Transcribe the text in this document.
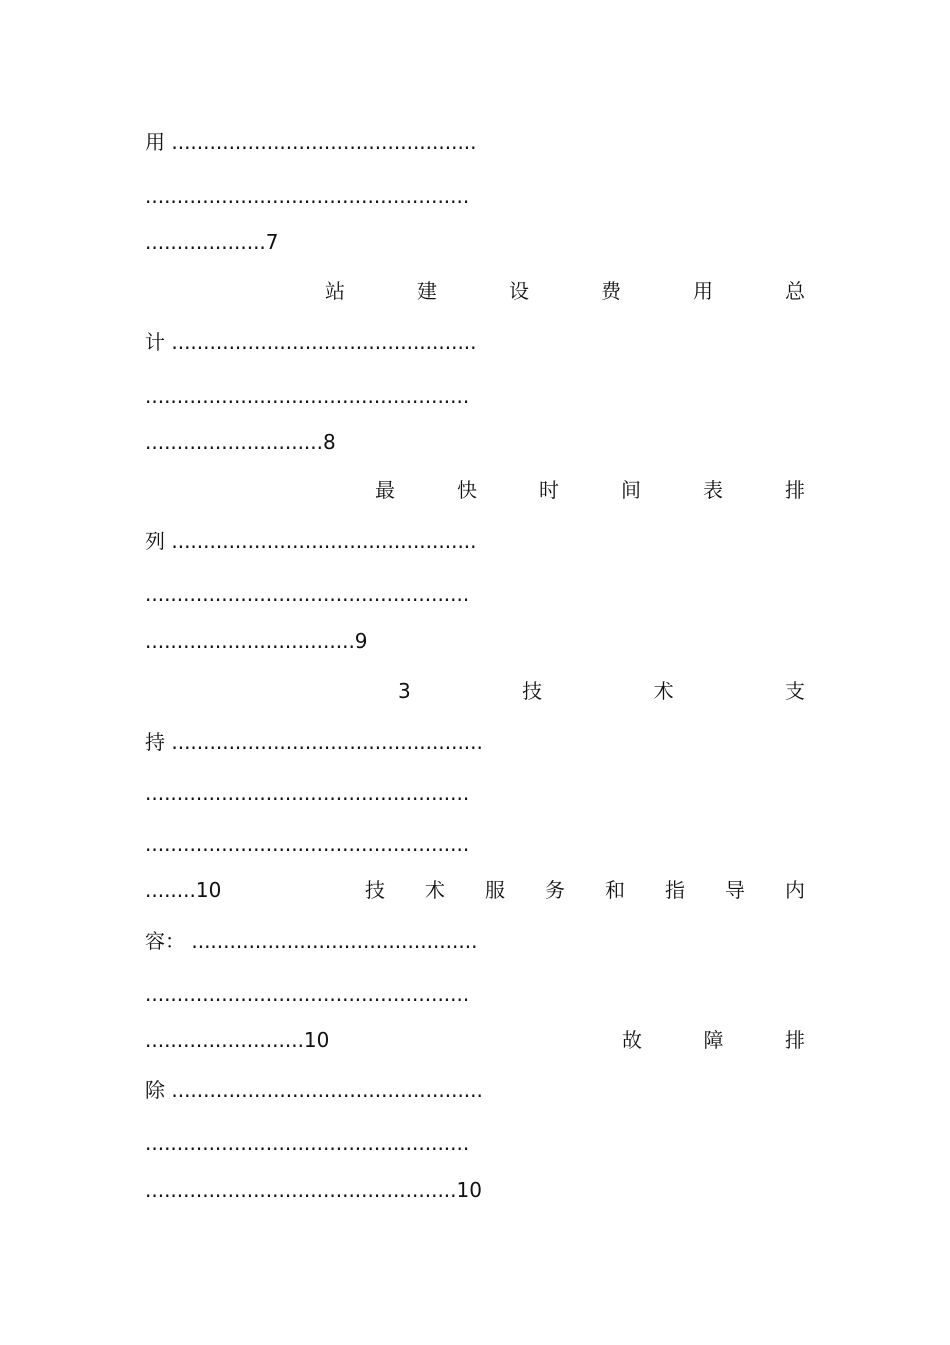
用 ................................................
...................................................
...................7
站	建	设	费	用	总
计 ................................................
...................................................
............................8
最	快	时	间	表	排
列 ................................................
...................................................
.................................9
3	技	术	支
持 .................................................
...................................................
...................................................
........10	技 术 服 务 和 指 导 内
容： .............................................
...................................................
.........................10	故	障	排
除 .................................................
...................................................
.................................................10
